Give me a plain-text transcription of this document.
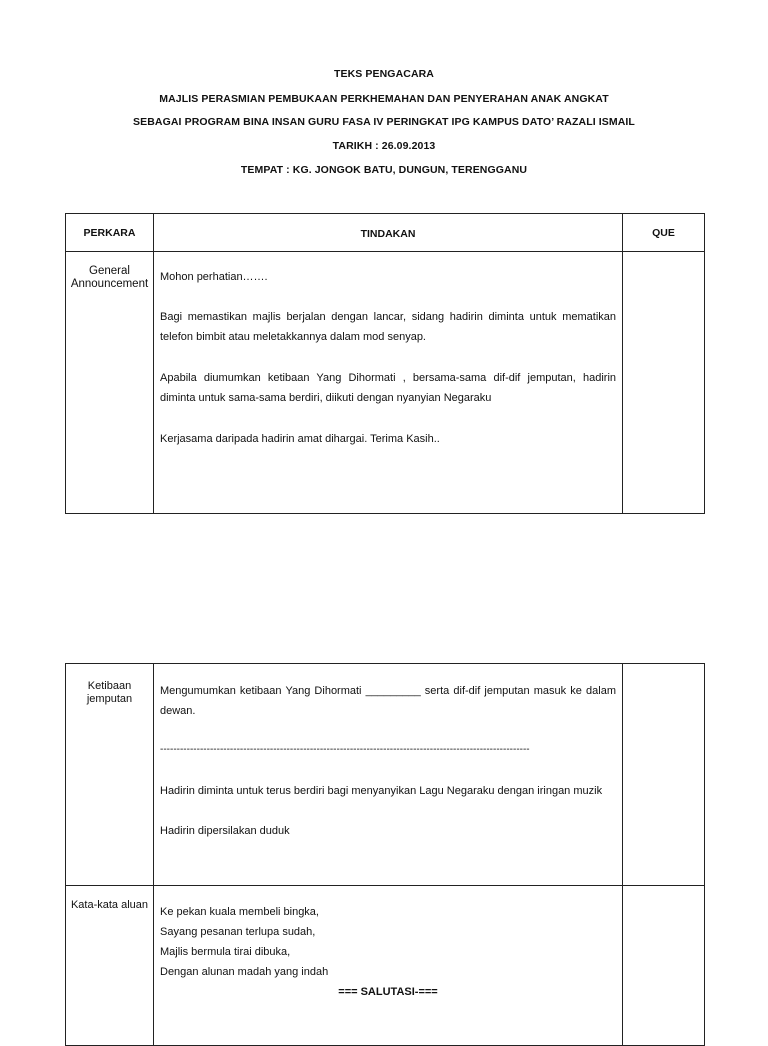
TEKS PENGACARA
MAJLIS PERASMIAN PEMBUKAAN PERKHEMAHAN DAN PENYERAHAN ANAK ANGKAT
SEBAGAI PROGRAM BINA INSAN GURU FASA IV PERINGKAT IPG KAMPUS DATO’ RAZALI ISMAIL
TARIKH : 26.09.2013
TEMPAT : KG. JONGOK BATU, DUNGUN, TERENGGANU
PERKARA	TINDAKAN	QUE
General Announcement	Mohon perhatian…….

Bagi memastikan majlis berjalan dengan lancar, sidang hadirin diminta untuk mematikan telefon bimbit atau meletakkannya dalam mod senyap.

Apabila diumumkan ketibaan Yang Dihormati , bersama-sama dif-dif jemputan, hadirin diminta untuk sama-sama berdiri, diikuti dengan nyanyian Negaraku

Kerjasama daripada hadirin amat dihargai. Terima Kasih..	

Ketibaan jemputan	Mengumumkan ketibaan Yang Dihormati _________ serta dif-dif jemputan masuk ke dalam dewan.

---------------------------------------------------------------------------------------------------------------

Hadirin diminta untuk terus berdiri bagi menyanyikan Lagu Negaraku dengan iringan muzik

Hadirin dipersilakan duduk	

Kata-kata aluan	Ke pekan kuala membeli bingka,

Sayang pesanan terlupa sudah,

Majlis bermula tirai dibuka,

Dengan alunan madah yang indah

=== SALUTASI-===	
